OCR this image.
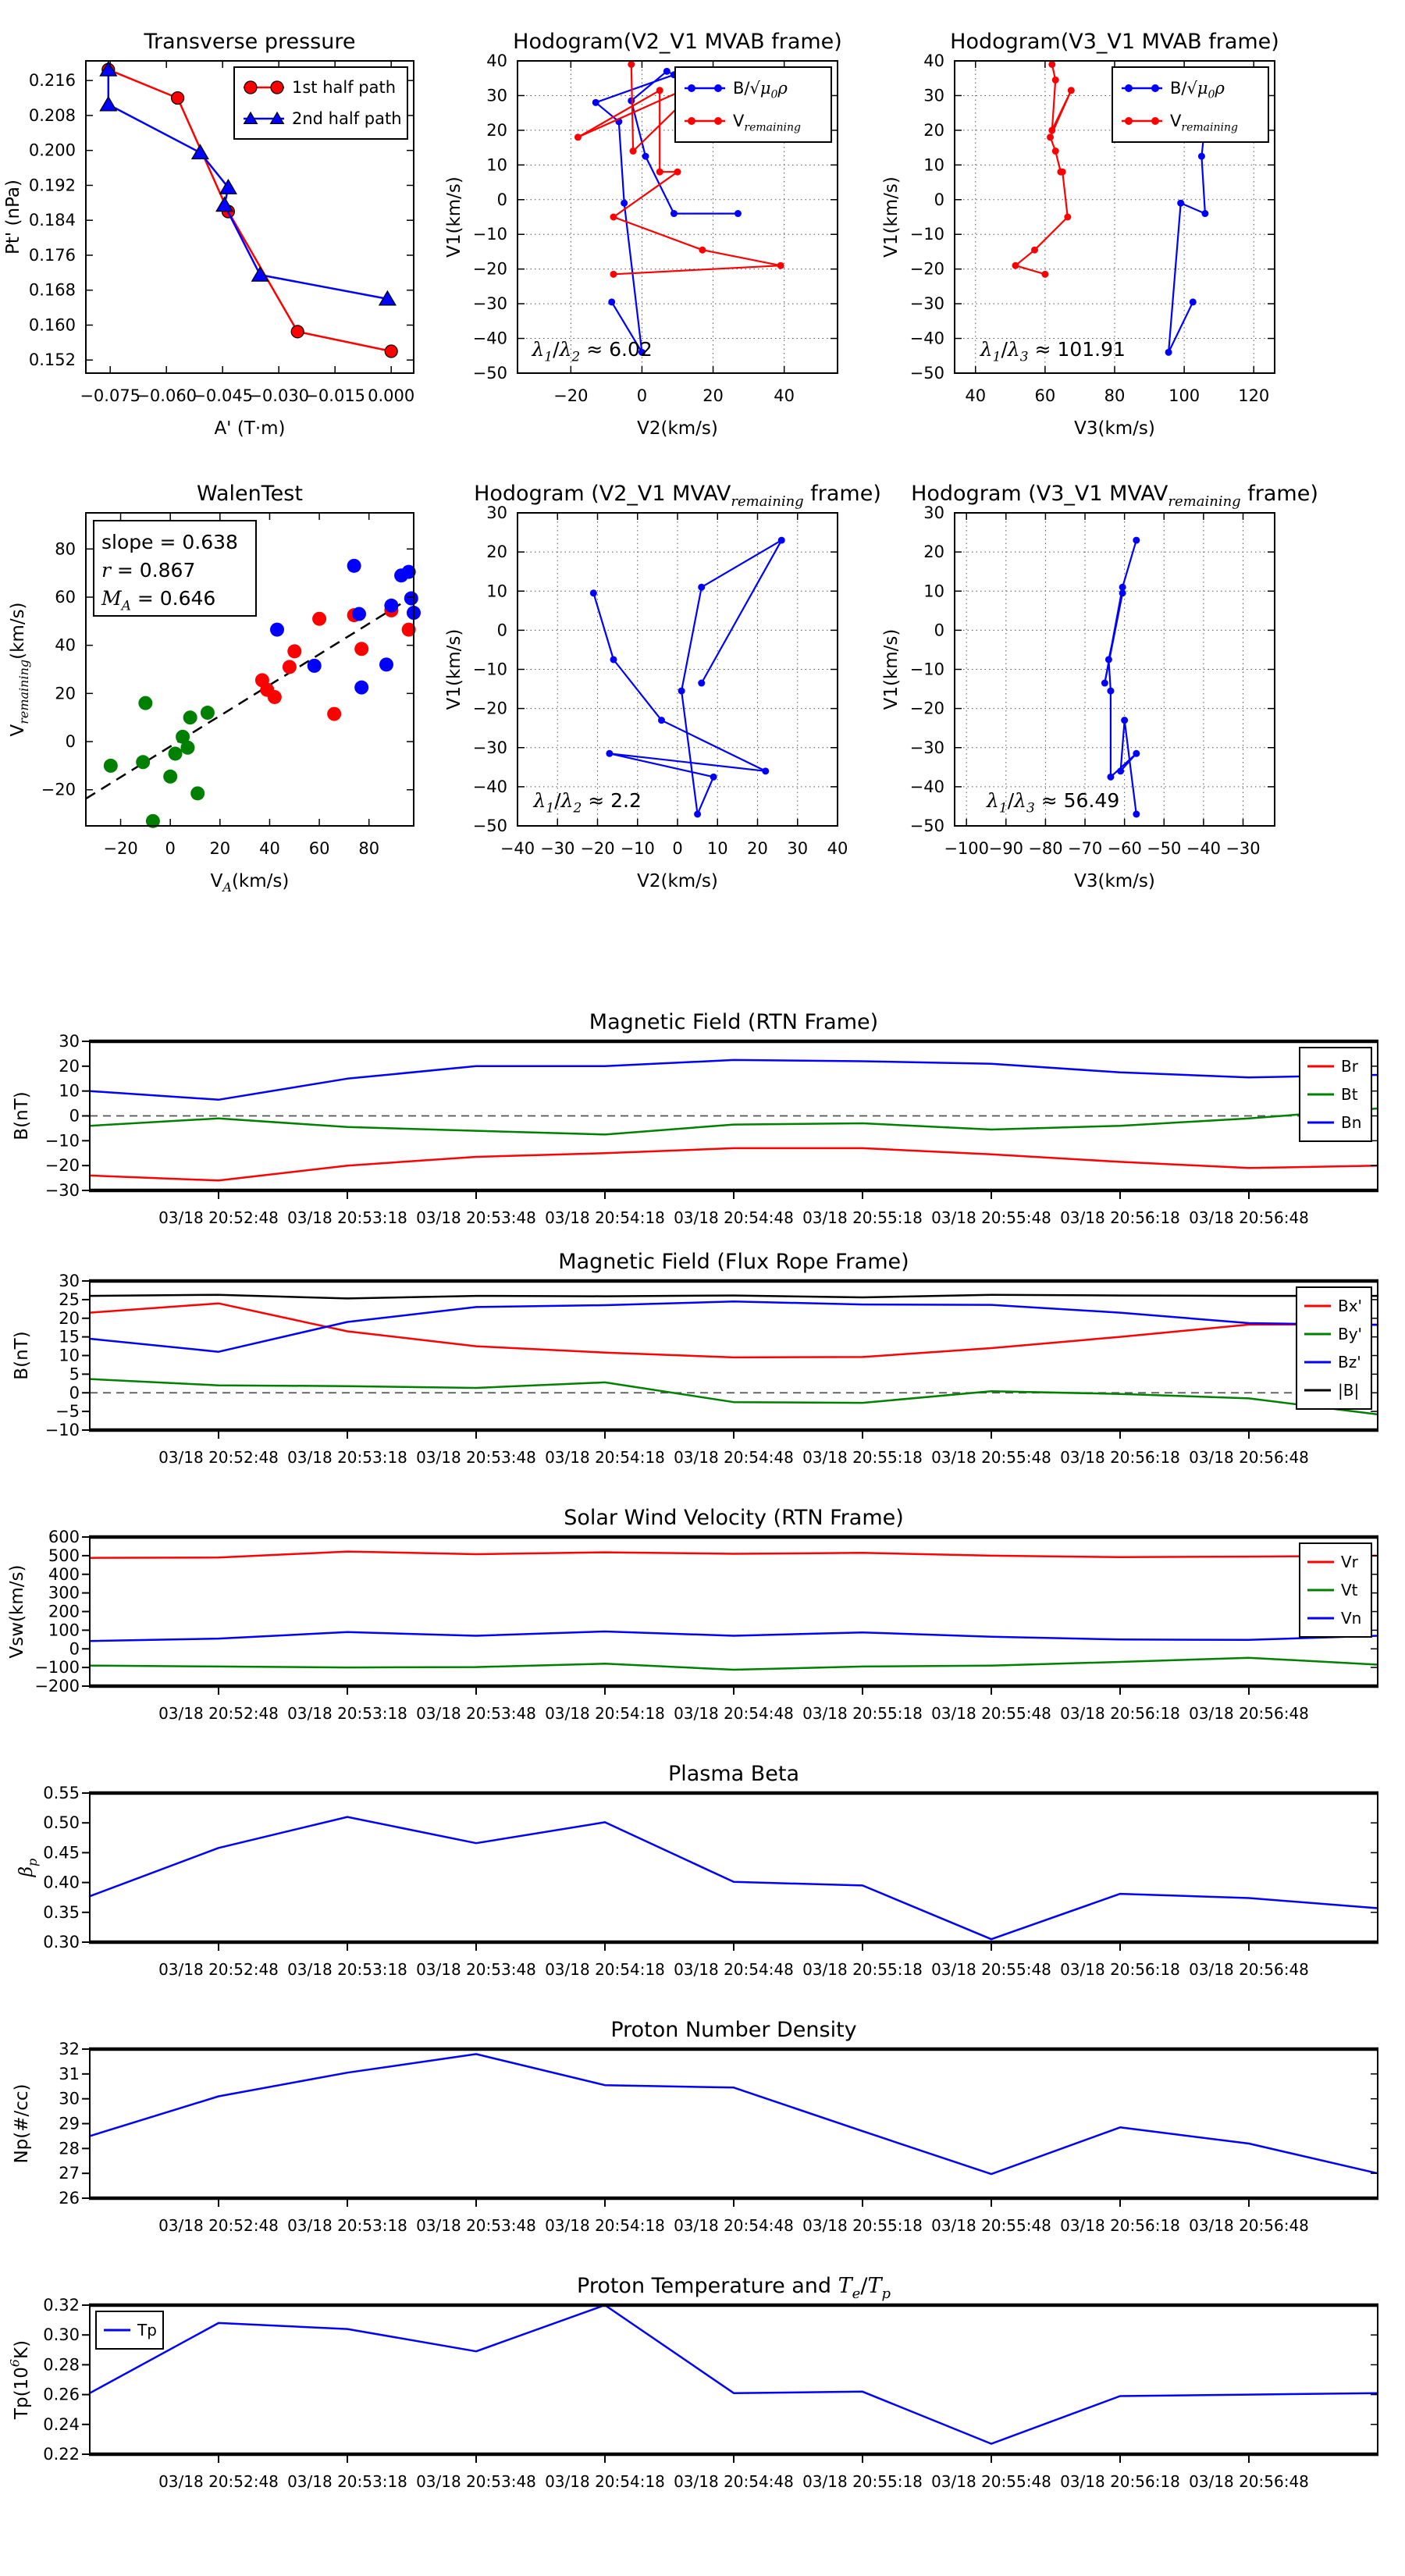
−0.075
−0.060
−0.045
−0.030
−0.015 0.000
0.152
0.160
0.168
0.176
0.184
0.192
0.200
0.208
0.216
Transverse pressure
A' (T·m)
Pt' (nPa)
1st half path
2nd half path
−20	0	20	40
−50
−40
−30
−20
−10
0
10
20
30
40
Hodogram(V2_V1 MVAB frame)
V2(km/s)
V1(km/s)
$B/√\mu_0\rho$
$V_{remaining}$
$\lambda_1/\lambda_2 \approx 6.02$
40	60	80	100 120
−50
−40
−30
−20
−10
0
10
20
30
40
Hodogram(V3_V1 MVAB frame)
V3(km/s)
V1(km/s)
$B/√\mu_0\rho$
$V_{remaining}$
$\lambda_1/\lambda_3 \approx 101.91$
−20 0 20 40 60 80
−20
0
20
40
60
80
WalenTest
$V_A(km/s)$
$V_{remaining}(km/s)$
slope = 0.638
r = 0.867
$M_A = 0.646$
−40 −30 −20 −10 0 10 20 30 40
−50
−40
−30
−20
−10
0
10
20
30
Hodogram (V2_V1 $MVAV_{remaining}$ frame)
V2(km/s)
V1(km/s)
$\lambda_1/\lambda_2 \approx 2.2$
−100 −90 −80 −70 −60 −50 −40 −30
−50
−40
−30
−20
−10
0
10
20
30
Hodogram (V3_V1 $MVAV_{remaining}$ frame)
V3(km/s)
V1(km/s)
$\lambda_1/\lambda_3 \approx 56.49$
03/18 20:52:48 03/18 20:53:18 03/18 20:53:48 03/18 20:54:18 03/18 20:54:48 03/18 20:55:18 03/18 20:55:48 03/18 20:56:18 03/18 20:56:48
−30
−20
−10
0
10
20
30
Magnetic Field (RTN Frame)
B(nT)
Br
Bt
Bn
03/18 20:52:48 03/18 20:53:18 03/18 20:53:48 03/18 20:54:18 03/18 20:54:48 03/18 20:55:18 03/18 20:55:48 03/18 20:56:18 03/18 20:56:48
−10
−5
0
5
10
15
20
25
30
Magnetic Field (Flux Rope Frame)
B(nT)
Bx'
By'
Bz'
|B|
03/18 20:52:48 03/18 20:53:18 03/18 20:53:48 03/18 20:54:18 03/18 20:54:48 03/18 20:55:18 03/18 20:55:48 03/18 20:56:18 03/18 20:56:48
−200
−100
0
100
200
300
400
500
600
Solar Wind Velocity (RTN Frame)
Vsw(km/s)
Vr
Vt
Vn
03/18 20:52:48 03/18 20:53:18 03/18 20:53:48 03/18 20:54:18 03/18 20:54:48 03/18 20:55:18 03/18 20:55:48 03/18 20:56:18 03/18 20:56:48
0.30
0.35
0.40
0.45
0.50
0.55
Plasma Beta
$\beta_p$
03/18 20:52:48 03/18 20:53:18 03/18 20:53:48 03/18 20:54:18 03/18 20:54:48 03/18 20:55:18 03/18 20:55:48 03/18 20:56:18 03/18 20:56:48
26
27
28
29
30
31
32
Proton Number Density
Np(#/cc)
03/18 20:52:48 03/18 20:53:18 03/18 20:53:48 03/18 20:54:18 03/18 20:54:48 03/18 20:55:18 03/18 20:55:48 03/18 20:56:18 03/18 20:56:48
0.22
0.24
0.26
0.28
0.30
0.32
Proton Temperature and $T_e/T_p$
$Tp(10^6K)$
Tp
